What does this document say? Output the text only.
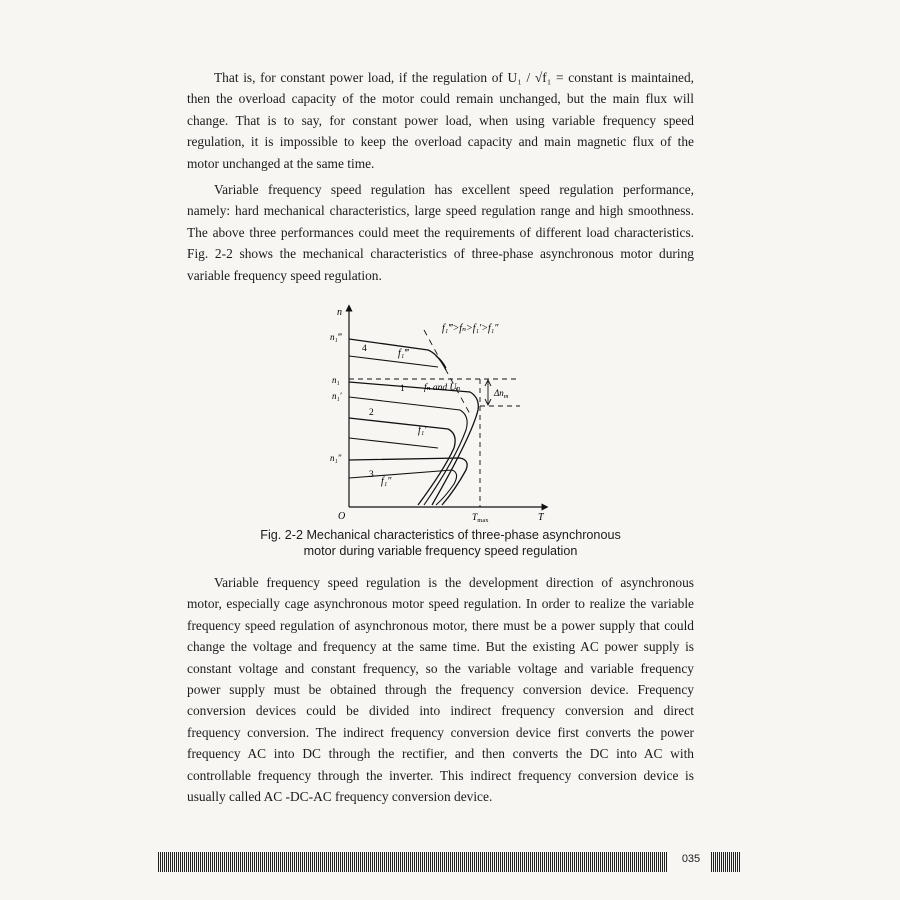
That is, for constant power load, if the regulation of U₁ / √f₁ = constant is maintained,
then the overload capacity of the motor could remain unchanged, but the main flux will
change. That is to say, for constant power load, when using variable frequency speed
regulation, it is impossible to keep the overload capacity and main magnetic flux of the
motor unchanged at the same time.
Variable frequency speed regulation has excellent speed regulation performance,
namely: hard mechanical characteristics, large speed regulation range and high smoothness.
The above three performances could meet the requirements of different load characteristics.
Fig. 2-2 shows the mechanical characteristics of three-phase asynchronous motor during
variable frequency speed regulation.
n
T
O
n₁‴
n₁
n₁′
n₁″
4
1
2
3
f₁‴
fₙ and Uₙ
f₁′
f₁″
f₁‴>fₙ>f₁′>f₁″
$\Delta n_m$
$T_{max}$
Fig. 2-2 Mechanical characteristics of three-phase asynchronous
motor during variable frequency speed regulation
Variable frequency speed regulation is the development direction of asynchronous
motor, especially cage asynchronous motor speed regulation. In order to realize the variable
frequency speed regulation of asynchronous motor, there must be a power supply that could
change the voltage and frequency at the same time. But the existing AC power supply is
constant voltage and constant frequency, so the variable voltage and variable frequency
power supply must be obtained through the frequency conversion device. Frequency
conversion devices could be divided into indirect frequency conversion and direct
frequency conversion. The indirect frequency conversion device first converts the power
frequency AC into DC through the rectifier, and then converts the DC into AC with
controllable frequency through the inverter. This indirect frequency conversion device is
usually called AC -DC-AC frequency conversion device.
035
